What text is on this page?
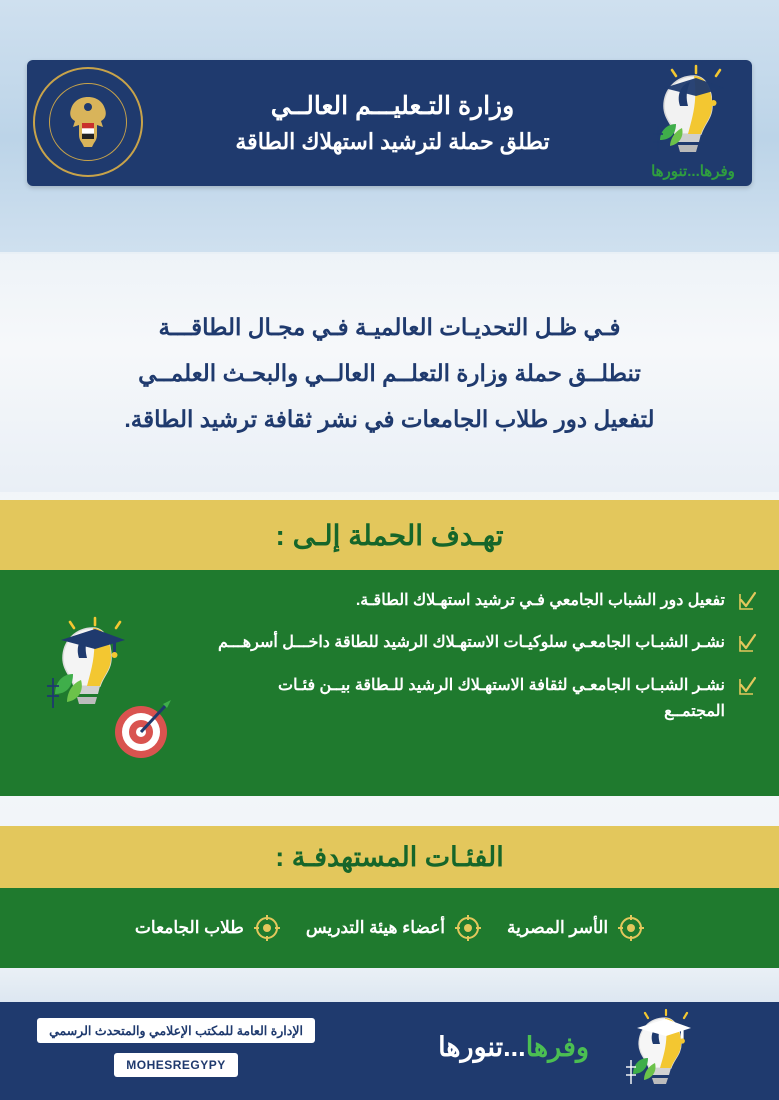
وفرها...تنورها
وزارة التـعليـــم العالــي
تطلق حملة لترشيد استهلاك الطاقة
فـي ظـل التحديـات العالميـة فـي مجـال الطاقـــة
تنطلــق حملة وزارة التعلــم العالــي والبحـث العلمــي
لتفعيل دور طلاب الجامعات في نشر ثقافة ترشيد الطاقة.
تهـدف الحملة إلـى :
تفعيل دور الشباب الجامعي فـي ترشيد استهـلاك الطاقـة.
نشـر الشبـاب الجامعـي سلوكيـات الاستهـلاك الرشيد للطاقة داخـــل أسرهـــم
نشـر الشبـاب الجامعـي لثقافة الاستهـلاك الرشيد للـطاقة بيــن فئـات المجتمــع
الفئـات المستهدفـة :
طلاب الجامعات	أعضاء هيئة التدريس	الأسر المصرية
الإدارة العامة للمكتب الإعلامي والمتحدث الرسمي
MOHESREGYPY
وفرها...تنورها
